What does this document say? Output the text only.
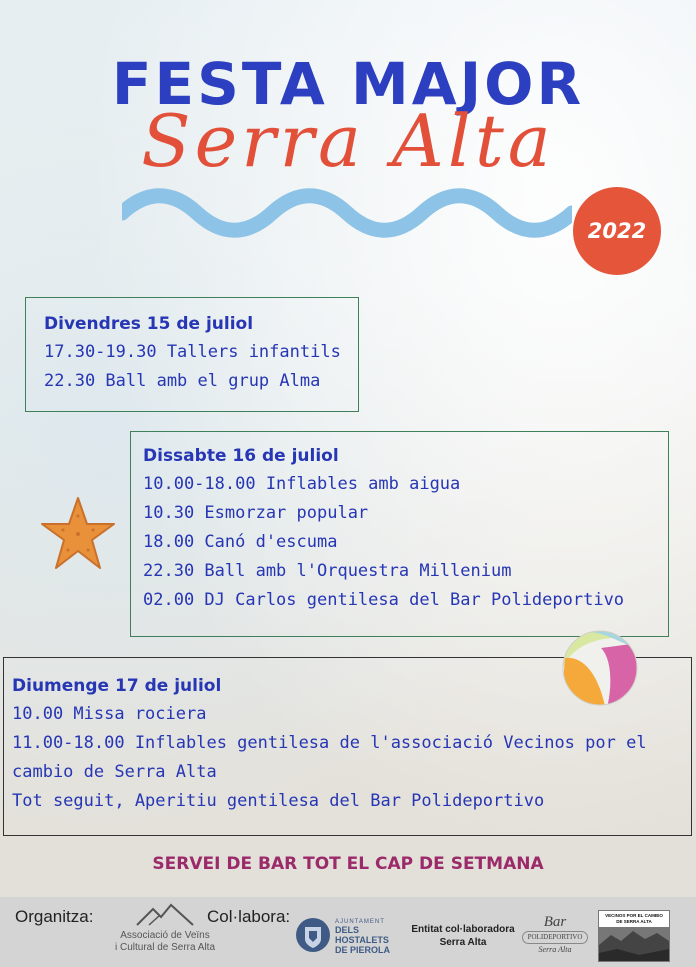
FESTA MAJOR
Serra Alta
2022
Divendres 15 de juliol
17.30-19.30 Tallers infantils
22.30 Ball amb el grup Alma
Dissabte 16 de juliol
10.00-18.00 Inflables amb aigua
10.30 Esmorzar popular
18.00 Canó d'escuma
22.30 Ball amb l'Orquestra Millenium
02.00 DJ Carlos gentilesa del Bar Polideportivo
Diumenge 17 de juliol
10.00 Missa rociera
11.00-18.00 Inflables gentilesa de l'associació Vecinos por el cambio de Serra Alta
Tot seguit, Aperitiu gentilesa del Bar Polideportivo
SERVEI DE BAR TOT EL CAP DE SETMANA
Organitza:
Associació de Veïns
i Cultural de Serra Alta
Col·labora:	AJUNTAMENT
DELS HOSTALETS
DE PIEROLA
Entitat col·laboradora
Serra Alta
Bar
POLIDEPORTIVO
Serra Alta
VECINOS POR EL CAMBIO
DE SERRA ALTA
